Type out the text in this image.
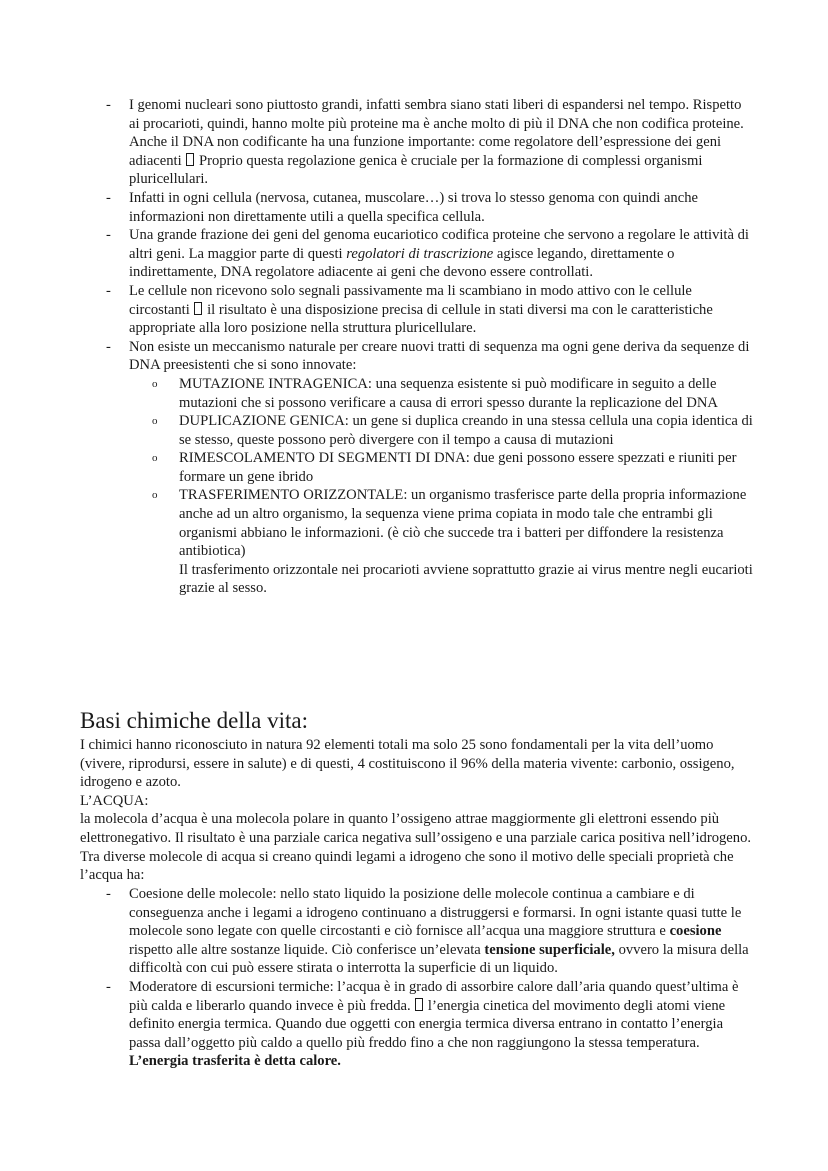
- I genomi nucleari sono piuttosto grandi, infatti sembra siano stati liberi di espandersi nel tempo. Rispetto ai procarioti, quindi, hanno molte più proteine ma è anche molto di più il DNA che non codifica proteine. Anche il DNA non codificante ha una funzione importante: come regolatore dell’espressione dei geni adiacenti  Proprio questa regolazione genica è cruciale per la formazione di complessi organismi pluricellulari.
- Infatti in ogni cellula (nervosa, cutanea, muscolare…) si trova lo stesso genoma con quindi anche informazioni non direttamente utili a quella specifica cellula.
- Una grande frazione dei geni del genoma eucariotico codifica proteine che servono a regolare le attività di altri geni. La maggior parte di questi regolatori di trascrizione agisce legando, direttamente o indirettamente, DNA regolatore adiacente ai geni che devono essere controllati.
- Le cellule non ricevono solo segnali passivamente ma li scambiano in modo attivo con le cellule circostanti  il risultato è una disposizione precisa di cellule in stati diversi ma con le caratteristiche appropriate alla loro posizione nella struttura pluricellulare.
- Non esiste un meccanismo naturale per creare nuovi tratti di sequenza ma ogni gene deriva da sequenze di DNA preesistenti che si sono innovate:
o MUTAZIONE INTRAGENICA: una sequenza esistente si può modificare in seguito a delle mutazioni che si possono verificare a causa di errori spesso durante la replicazione del DNA
o DUPLICAZIONE GENICA: un gene si duplica creando in una stessa cellula una copia identica di se stesso, queste possono però divergere con il tempo a causa di mutazioni
o RIMESCOLAMENTO DI SEGMENTI DI DNA: due geni possono essere spezzati e riuniti per formare un gene ibrido
o TRASFERIMENTO ORIZZONTALE: un organismo trasferisce parte della propria informazione anche ad un altro organismo, la sequenza viene prima copiata in modo tale che entrambi gli organismi abbiano le informazioni. (è ciò che succede tra i batteri per diffondere la resistenza antibiotica)
Il trasferimento orizzontale nei procarioti avviene soprattutto grazie ai virus mentre negli eucarioti grazie al sesso.
Basi chimiche della vita:
I chimici hanno riconosciuto in natura 92 elementi totali ma solo 25 sono fondamentali per la vita dell’uomo (vivere, riprodursi, essere in salute) e di questi, 4 costituiscono il 96% della materia vivente: carbonio, ossigeno, idrogeno e azoto.
L’ACQUA:
la molecola d’acqua è una molecola polare in quanto l’ossigeno attrae maggiormente gli elettroni essendo più elettronegativo. Il risultato è una parziale carica negativa sull’ossigeno e una parziale carica positiva nell’idrogeno. Tra diverse molecole di acqua si creano quindi legami a idrogeno che sono il motivo delle speciali proprietà che l’acqua ha:
- Coesione delle molecole: nello stato liquido la posizione delle molecole continua a cambiare e di conseguenza anche i legami a idrogeno continuano a distruggersi e formarsi. In ogni istante quasi tutte le molecole sono legate con quelle circostanti e ciò fornisce all’acqua una maggiore struttura e coesione rispetto alle altre sostanze liquide. Ciò conferisce un’elevata tensione superficiale, ovvero la misura della difficoltà con cui può essere stirata o interrotta la superficie di un liquido.
- Moderatore di escursioni termiche: l’acqua è in grado di assorbire calore dall’aria quando quest’ultima è più calda e liberarlo quando invece è più fredda.  l’energia cinetica del movimento degli atomi viene definito energia termica. Quando due oggetti con energia termica diversa entrano in contatto l’energia passa dall’oggetto più caldo a quello più freddo fino a che non raggiungono la stessa temperatura. L’energia trasferita è detta calore.
